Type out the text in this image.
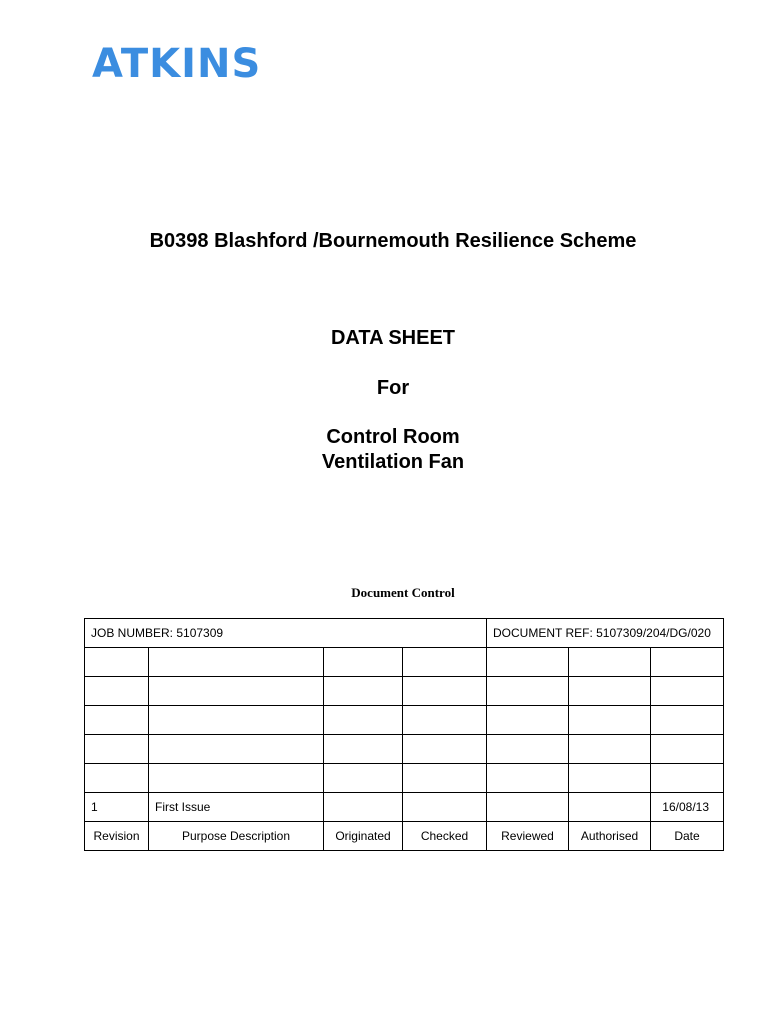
ATKINS
B0398 Blashford /Bournemouth Resilience Scheme
DATA SHEET
For
Control Room
Ventilation Fan
Document Control
JOB NUMBER: 5107309				DOCUMENT REF: 5107309/204/DG/020		

1	First Issue					16/08/13
Revision	Purpose Description	Originated	Checked	Reviewed	Authorised	Date
